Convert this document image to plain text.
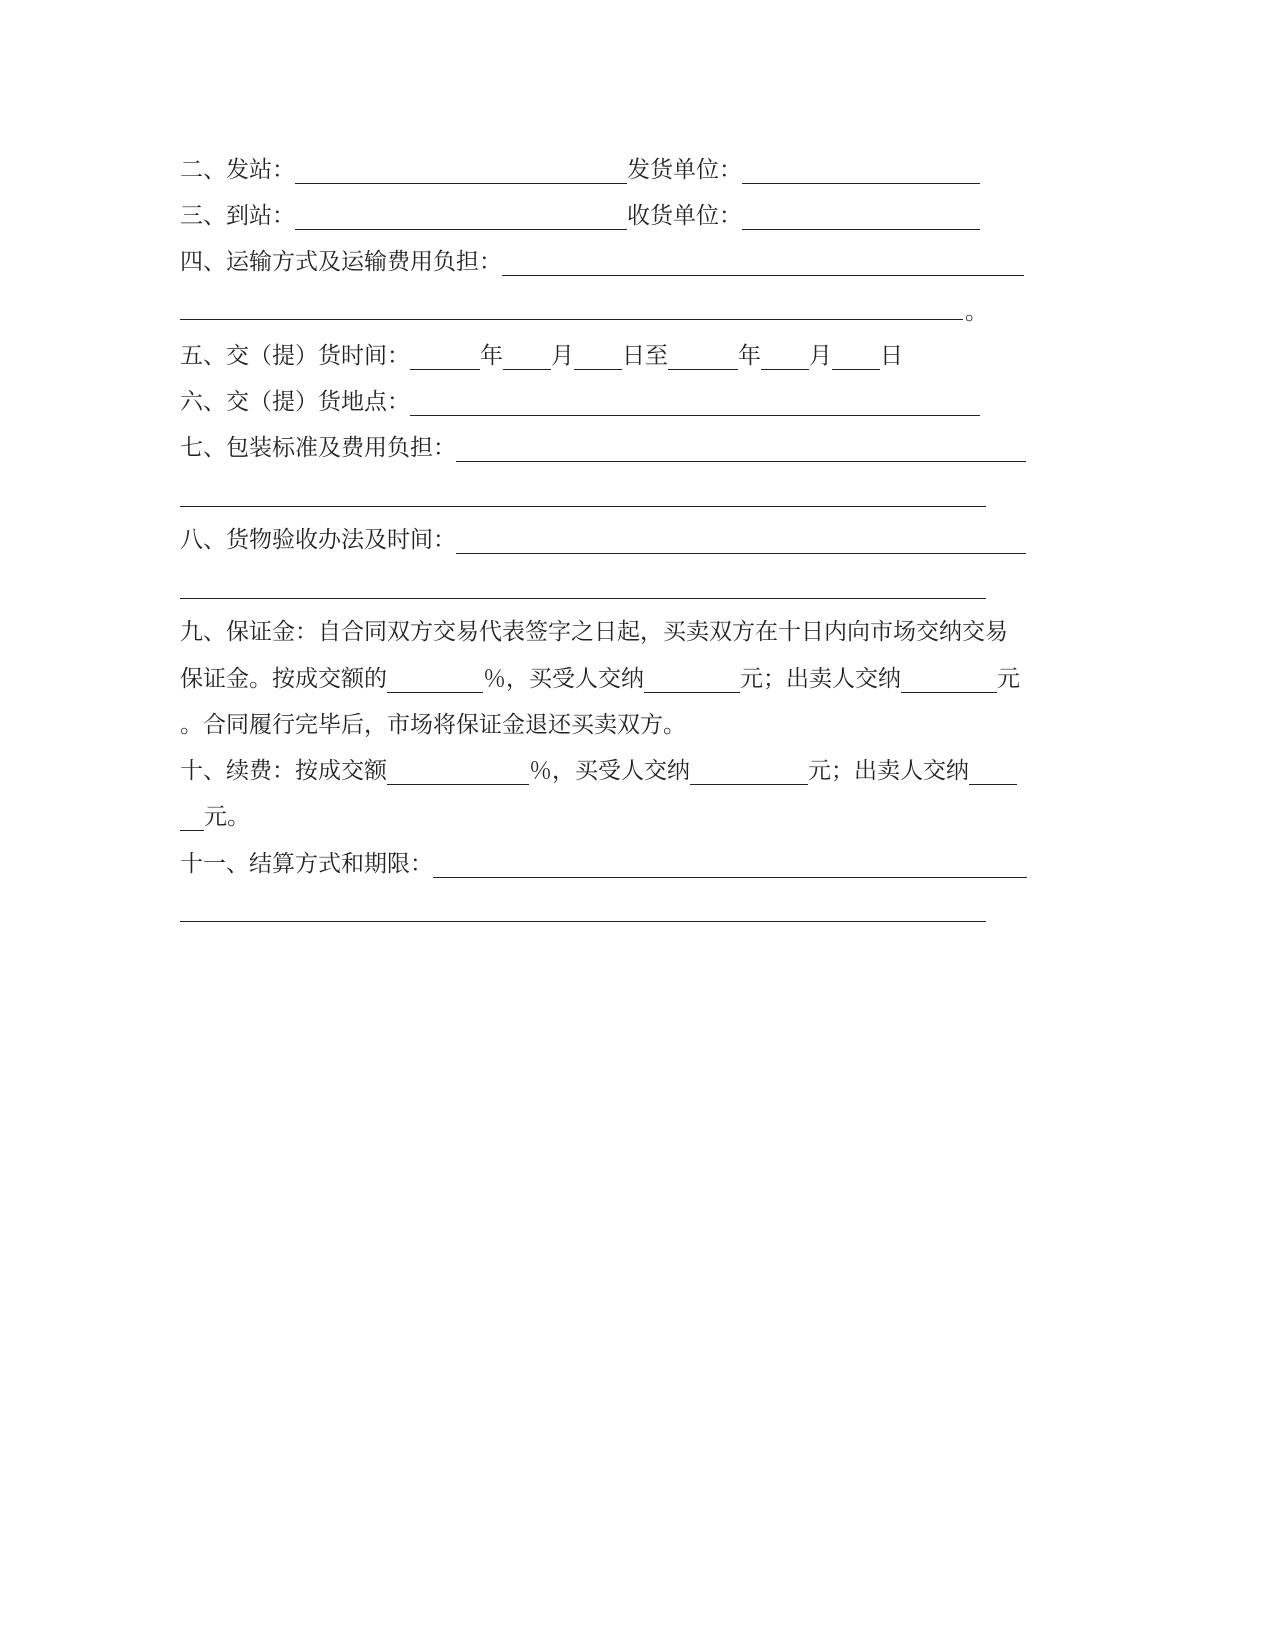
二、发站：	发货单位：
三、到站：	收货单位：
四、运输方式及运输费用负担：
。
五、交（提）货时间：	年 月 日至	年 月 日
六、交（提）货地点：
七、包装标准及费用负担：
八、货物验收办法及时间：
九、保证金：自合同双方交易代表签字之日起，买卖双方在十日内向市场交纳交易
保证金。按成交额的	％，买受人交纳	元；出卖人交纳	元
。合同履行完毕后，市场将保证金退还买卖双方。
十、续费：按成交额	％，买受人交纳	元；出卖人交纳
元。
十一、结算方式和期限：
